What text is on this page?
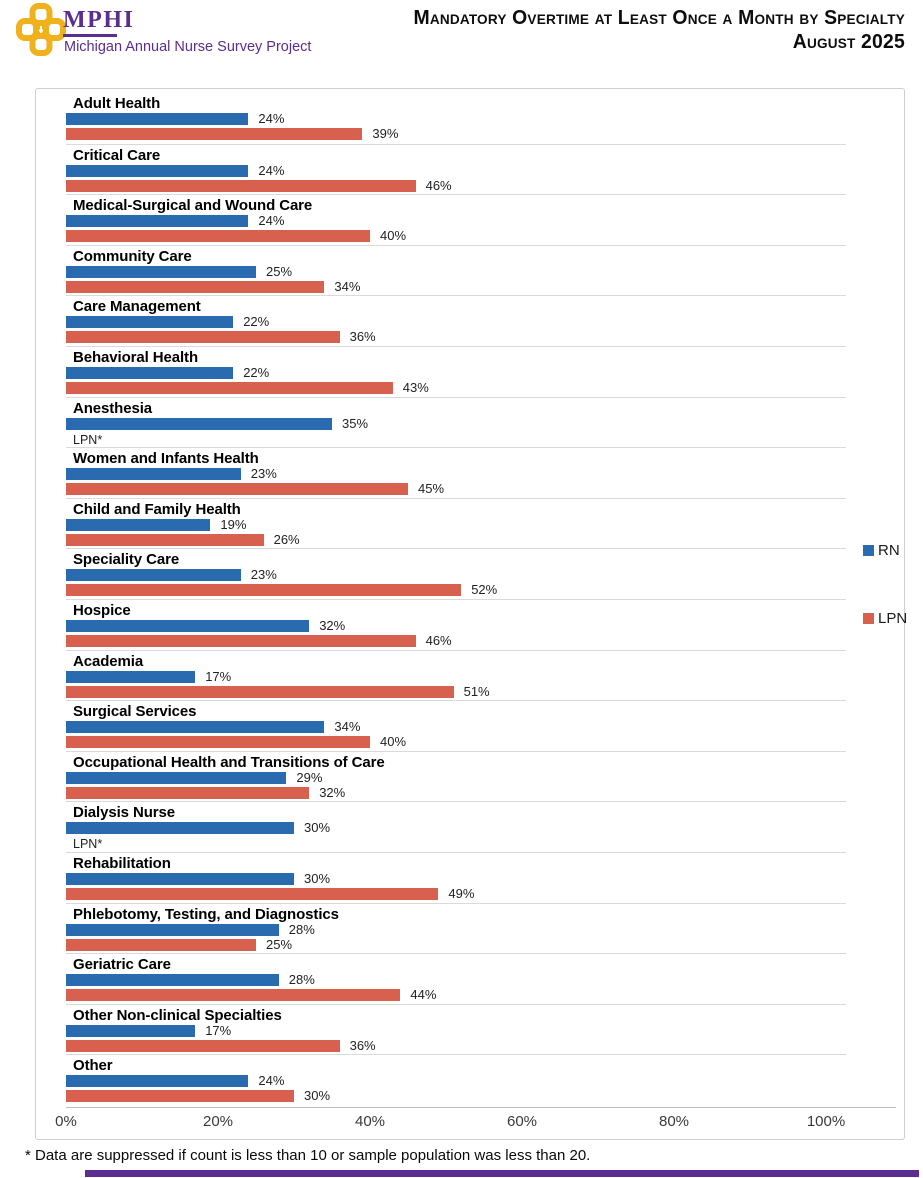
MPHI
Michigan Annual Nurse Survey Project
Mandatory Overtime at Least Once a Month by Specialty
August 2025
Adult Health
24%
39%
Critical Care
24%
46%
Medical-Surgical and Wound Care
24%
40%
Community Care
25%
34%
Care Management
22%
36%
Behavioral Health
22%
43%
Anesthesia
35%
LPN*
Women and Infants Health
23%
45%
Child and Family Health
19%
26%
Speciality Care
23%
52%
Hospice
32%
46%
Academia
17%
51%
Surgical Services
34%
40%
Occupational Health and Transitions of Care
29%
32%
Dialysis Nurse
30%
LPN*
Rehabilitation
30%
49%
Phlebotomy, Testing, and Diagnostics
28%
25%
Geriatric Care
28%
44%
Other Non-clinical Specialties
17%
36%
Other
24%
30%
0%	20%	40%	60%	80%	100%
RN
LPN
* Data are suppressed if count is less than 10 or sample population was less than 20.
